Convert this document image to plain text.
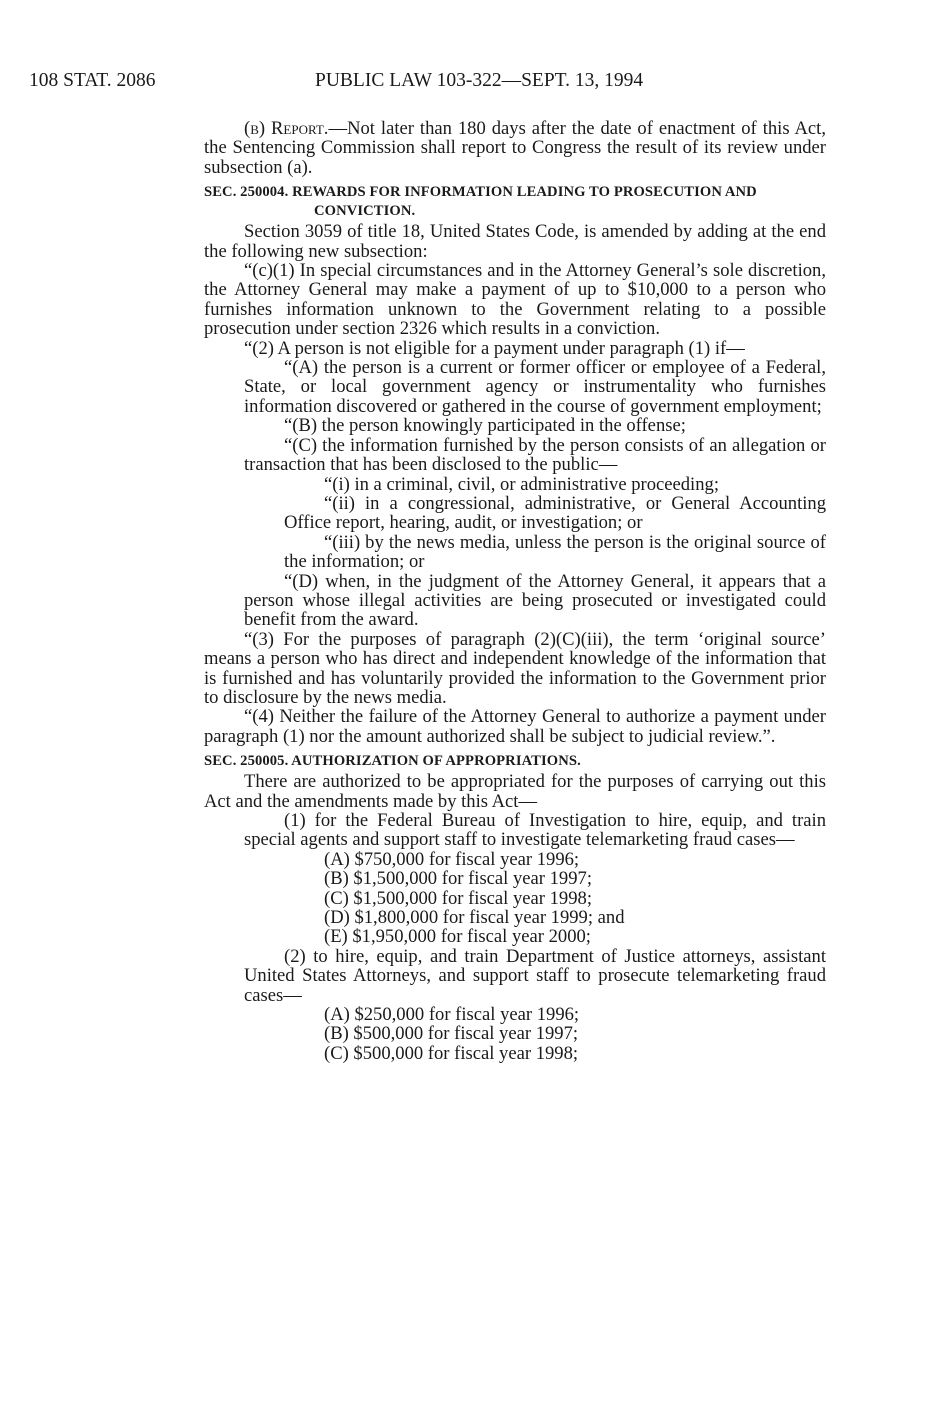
108 STAT. 2086	PUBLIC LAW 103-322—SEPT. 13, 1994

(b) Report.—Not later than 180 days after the date of enactment of this Act, the Sentencing Commission shall report to Congress the result of its review under subsection (a).

SEC. 250004. REWARDS FOR INFORMATION LEADING TO PROSECUTION AND CONVICTION.

Section 3059 of title 18, United States Code, is amended by adding at the end the following new subsection:

“(c)(1) In special circumstances and in the Attorney General’s sole discretion, the Attorney General may make a payment of up to $10,000 to a person who furnishes information unknown to the Government relating to a possible prosecution under section 2326 which results in a conviction.

“(2) A person is not eligible for a payment under paragraph (1) if—

“(A) the person is a current or former officer or employee of a Federal, State, or local government agency or instrumentality who furnishes information discovered or gathered in the course of government employment;

“(B) the person knowingly participated in the offense;

“(C) the information furnished by the person consists of an allegation or transaction that has been disclosed to the public—

“(i) in a criminal, civil, or administrative proceeding;

“(ii) in a congressional, administrative, or General Accounting Office report, hearing, audit, or investigation; or

“(iii) by the news media, unless the person is the original source of the information; or

“(D) when, in the judgment of the Attorney General, it appears that a person whose illegal activities are being prosecuted or investigated could benefit from the award.

“(3) For the purposes of paragraph (2)(C)(iii), the term ‘original source’ means a person who has direct and independent knowledge of the information that is furnished and has voluntarily provided the information to the Government prior to disclosure by the news media.

“(4) Neither the failure of the Attorney General to authorize a payment under paragraph (1) nor the amount authorized shall be subject to judicial review.”.

SEC. 250005. AUTHORIZATION OF APPROPRIATIONS.

There are authorized to be appropriated for the purposes of carrying out this Act and the amendments made by this Act—

(1) for the Federal Bureau of Investigation to hire, equip, and train special agents and support staff to investigate telemarketing fraud cases—

(A) $750,000 for fiscal year 1996;

(B) $1,500,000 for fiscal year 1997;

(C) $1,500,000 for fiscal year 1998;

(D) $1,800,000 for fiscal year 1999; and

(E) $1,950,000 for fiscal year 2000;

(2) to hire, equip, and train Department of Justice attorneys, assistant United States Attorneys, and support staff to prosecute telemarketing fraud cases—

(A) $250,000 for fiscal year 1996;

(B) $500,000 for fiscal year 1997;

(C) $500,000 for fiscal year 1998;
